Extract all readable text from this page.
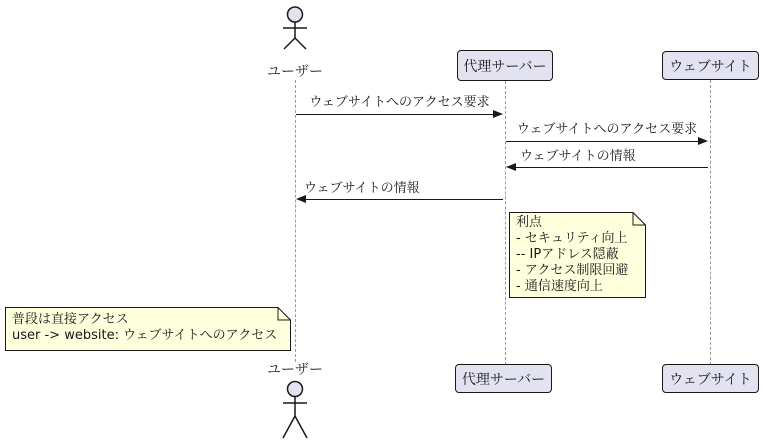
ユーザー	代理サーバー	ウェブサイト
ウェブサイトへのアクセス要求
ウェブサイトへのアクセス要求
ウェブサイトの情報
ウェブサイトの情報
利点
- セキュリティ向上
-- IPアドレス隠蔽
- アクセス制限回避
- 通信速度向上
普段は直接アクセス
user -> website: ウェブサイトへのアクセス
ユーザー
代理サーバー	ウェブサイト
